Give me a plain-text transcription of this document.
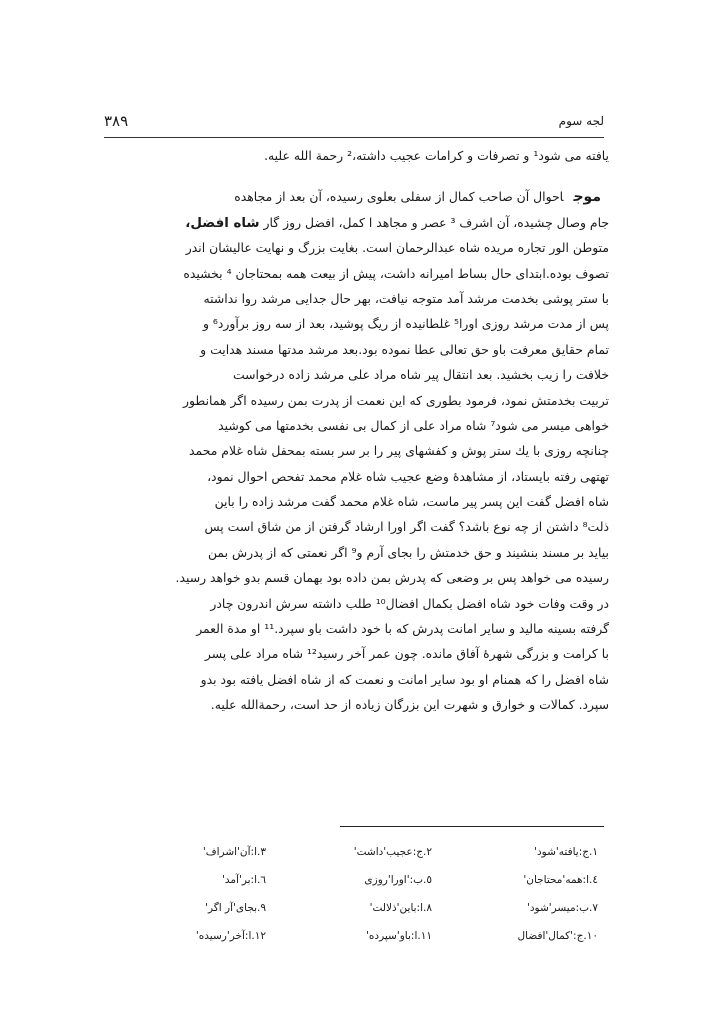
۳۸۹	لجه سوم
یافته می شود¹ و تصرفات و کرامات عجیب داشته،² رحمة الله علیه.
موجاحوال آن صاحب کمال از سفلی بعلوی رسیده، آن بعد از مجاهده
جام وصال چشیده، آن اشرف ³ عصر و مجاهد ا کمل، افضل روز گار شاه افضل،
متوطن الور تجاره مریده شاه عبدالرحمان است. بغایت بزرگ و نهایت عالیشان اندر
تصوف بوده.ابتدای حال بساط امیرانه داشت، پیش از بیعت همه بمحتاجان ⁴ بخشیده
با ستر پوشی بخدمت مرشد آمد متوجه نیافت، بهر حال جدایی مرشد روا نداشته
پس از مدت مرشد روزی اورا⁵ غلطانیده از ریگ پوشید، بعد از سه روز برآورد⁶ و
تمام حقایق معرفت باو حق تعالی عطا نموده بود.بعد مرشد مدتها مسند هدایت و
خلافت را زیب بخشید. بعد انتقال پیر شاه مراد علی مرشد زاده درخواست
تربیت بخدمتش نمود، فرمود بطوری که این نعمت از پدرت بمن رسیده اگر همانطور
خواهی میسر می شود⁷ شاه مراد علی از کمال بی نفسی بخدمتها می کوشید
چنانچه روزی با یك ستر پوش و کفشهای پیر را بر سر بسته بمحفل شاه غلام محمد
تهتهی رفته بایستاد، از مشاهدهٔ وضع عجیب شاه غلام محمد تفحص احوال نمود،
شاه افضل گفت این پسر پیر ماست، شاه غلام محمد گفت مرشد زاده را باین
ذلت⁸ داشتن از چه نوع باشد؟ گفت اگر اورا ارشاد گرفتن از من شاق است پس
بیاید بر مسند بنشیند و حق خدمتش را بجای آرم و⁹ اگر نعمتی که از پدرش بمن
رسیده می خواهد پس بر وضعی که پدرش بمن داده بود بهمان قسم بدو خواهد رسید.
در وقت وفات خود شاه افضل بکمال افضال¹⁰ طلب داشته سرش اندرون چادر
گرفته بسینه مالید و سایر امانت پدرش که با خود داشت باو سپرد.¹¹ او مدة العمر
با کرامت و بزرگی شهرهٔ آفاق مانده. چون عمر آخر رسید¹² شاه مراد علی پسر
شاه افضل را که همنام او بود سایر امانت و نعمت که از شاه افضل یافته بود بدو
سپرد. کمالات و خوارق و شهرت این بزرگان زیاده از حد است، رحمةالله علیه.
۱.ج:یافته'شود'
۲.ج:عجیب'داشت'
۳.ا:آن'اشراف'
٤.ا:همه'محتاجان'
٥.ب:'اورا'روزی
٦.ا:بر'آمد'
۷.ب:میسر'شود'
۸.ا:باین'ذلالت'
۹.بجای'آر اگر'
۱۰.ج:'کمال'افضال
۱۱.ا:باو'سپرده'
۱۲.ا:آخر'رسیده'
